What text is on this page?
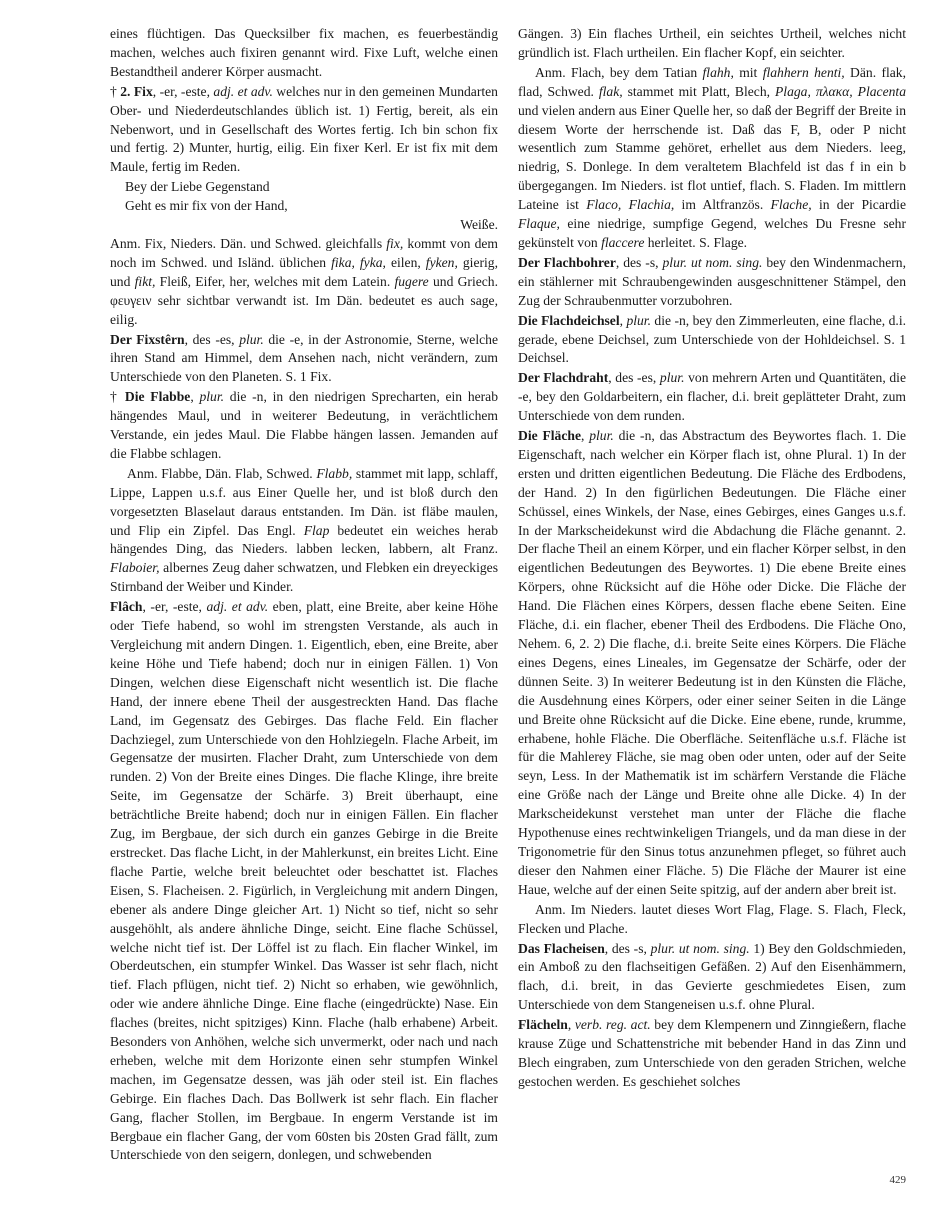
eines flüchtigen. Das Quecksilber fix machen, es feuerbeständig machen, welches auch fixiren genannt wird. Fixe Luft, welche einen Bestandtheil anderer Körper ausmacht.

† 2. Fix, -er, -este, adj. et adv. welches nur in den gemeinen Mundarten Ober- und Niederdeutschlandes üblich ist. 1) Fertig, bereit, als ein Nebenwort, und in Gesellschaft des Wortes fertig. Ich bin schon fix und fertig. 2) Munter, hurtig, eilig. Ein fixer Kerl. Er ist fix mit dem Maule, fertig im Reden.

Bey der Liebe Gegenstand

Geht es mir fix von der Hand,

Weiße.

Anm. Fix, Nieders. Dän. und Schwed. gleichfalls fix, kommt von dem noch im Schwed. und Isländ. üblichen fika, fyka, eilen, fyken, gierig, und fikt, Fleiß, Eifer, her, welches mit dem Latein. fugere und Griech. φευγειν sehr sichtbar verwandt ist. Im Dän. bedeutet es auch sage, eilig.

Der Fixstêrn, des -es, plur. die -e, in der Astronomie, Sterne, welche ihren Stand am Himmel, dem Ansehen nach, nicht verändern, zum Unterschiede von den Planeten. S. 1 Fix.

† Die Flabbe, plur. die -n, in den niedrigen Sprecharten, ein herab hängendes Maul, und in weiterer Bedeutung, in verächtlichem Verstande, ein jedes Maul. Die Flabbe hängen lassen. Jemanden auf die Flabbe schlagen.

Anm. Flabbe, Dän. Flab, Schwed. Flabb, stammet mit lapp, schlaff, Lippe, Lappen u.s.f. aus Einer Quelle her, und ist bloß durch den vorgesetzten Blaselaut daraus entstanden. Im Dän. ist fläbe maulen, und Flip ein Zipfel. Das Engl. Flap bedeutet ein weiches herab hängendes Ding, das Nieders. labben lecken, labbern, alt Franz. Flaboier, albernes Zeug daher schwatzen, und Flebken ein dreyeckiges Stirnband der Weiber und Kinder.

Flâch, -er, -este, adj. et adv. eben, platt, eine Breite, aber keine Höhe oder Tiefe habend, so wohl im strengsten Verstande, als auch in Vergleichung mit andern Dingen. 1. Eigentlich, eben, eine Breite, aber keine Höhe und Tiefe habend; doch nur in einigen Fällen. 1) Von Dingen, welchen diese Eigenschaft nicht wesentlich ist. Die flache Hand, der innere ebene Theil der ausgestreckten Hand. Das flache Land, im Gegensatz des Gebirges. Das flache Feld. Ein flacher Dachziegel, zum Unterschiede von den Hohlziegeln. Flache Arbeit, im Gegensatze der musirten. Flacher Draht, zum Unterschiede von dem runden. 2) Von der Breite eines Dinges. Die flache Klinge, ihre breite Seite, im Gegensatze der Schärfe. 3) Breit überhaupt, eine beträchtliche Breite habend; doch nur in einigen Fällen. Ein flacher Zug, im Bergbaue, der sich durch ein ganzes Gebirge in die Breite erstrecket. Das flache Licht, in der Mahlerkunst, ein breites Licht. Eine flache Partie, welche breit beleuchtet oder beschattet ist. Flaches Eisen, S. Flacheisen. 2. Figürlich, in Vergleichung mit andern Dingen, ebener als andere Dinge gleicher Art. 1) Nicht so tief, nicht so sehr ausgehöhlt, als andere ähnliche Dinge, seicht. Eine flache Schüssel, welche nicht tief ist. Der Löffel ist zu flach. Ein flacher Winkel, im Oberdeutschen, ein stumpfer Winkel. Das Wasser ist sehr flach, nicht tief. Flach pflügen, nicht tief. 2) Nicht so erhaben, wie gewöhnlich, oder wie andere ähnliche Dinge. Eine flache (eingedrückte) Nase. Ein flaches (breites, nicht spitziges) Kinn. Flache (halb erhabene) Arbeit. Besonders von Anhöhen, welche sich unvermerkt, oder nach und nach erheben, welche mit dem Horizonte einen sehr stumpfen Winkel machen, im Gegensatze dessen, was jäh oder steil ist. Ein flaches Gebirge. Ein flaches Dach. Das Bollwerk ist sehr flach. Ein flacher Gang, flacher Stollen, im Bergbaue. In engerm Verstande ist im Bergbaue ein flacher Gang, der vom 60sten bis 20sten Grad fällt, zum Unterschiede von den seigern, donlegen, und schwebenden

Gängen. 3) Ein flaches Urtheil, ein seichtes Urtheil, welches nicht gründlich ist. Flach urtheilen. Ein flacher Kopf, ein seichter.

Anm. Flach, bey dem Tatian flahh, mit flahhern henti, Dän. flak, flad, Schwed. flak, stammet mit Platt, Blech, Plaga, πλακα, Placenta und vielen andern aus Einer Quelle her, so daß der Begriff der Breite in diesem Worte der herrschende ist. Daß das F, B, oder P nicht wesentlich zum Stamme gehöret, erhellet aus dem Nieders. leeg, niedrig, S. Donlege. In dem veraltetem Blachfeld ist das f in ein b übergegangen. Im Nieders. ist flot untief, flach. S. Fladen. Im mittlern Lateine ist Flaco, Flachia, im Altfranzös. Flache, in der Picardie Flaque, eine niedrige, sumpfige Gegend, welches Du Fresne sehr gekünstelt von flaccere herleitet. S. Flage.

Der Flachbohrer, des -s, plur. ut nom. sing. bey den Windenmachern, ein stählerner mit Schraubengewinden ausgeschnittener Stämpel, den Zug der Schraubenmutter vorzubohren.

Die Flachdeichsel, plur. die -n, bey den Zimmerleuten, eine flache, d.i. gerade, ebene Deichsel, zum Unterschiede von der Hohldeichsel. S. 1 Deichsel.

Der Flachdraht, des -es, plur. von mehrern Arten und Quantitäten, die -e, bey den Goldarbeitern, ein flacher, d.i. breit geplätteter Draht, zum Unterschiede von dem runden.

Die Fläche, plur. die -n, das Abstractum des Beywortes flach. 1. Die Eigenschaft, nach welcher ein Körper flach ist, ohne Plural. 1) In der ersten und dritten eigentlichen Bedeutung. Die Fläche des Erdbodens, der Hand. 2) In den figürlichen Bedeutungen. Die Fläche einer Schüssel, eines Winkels, der Nase, eines Gebirges, eines Ganges u.s.f. In der Markscheidekunst wird die Abdachung die Fläche genannt. 2. Der flache Theil an einem Körper, und ein flacher Körper selbst, in den eigentlichen Bedeutungen des Beywortes. 1) Die ebene Breite eines Körpers, ohne Rücksicht auf die Höhe oder Dicke. Die Fläche der Hand. Die Flächen eines Körpers, dessen flache ebene Seiten. Eine Fläche, d.i. ein flacher, ebener Theil des Erdbodens. Die Fläche Ono, Nehem. 6, 2. 2) Die flache, d.i. breite Seite eines Körpers. Die Fläche eines Degens, eines Lineales, im Gegensatze der Schärfe, oder der dünnen Seite. 3) In weiterer Bedeutung ist in den Künsten die Fläche, die Ausdehnung eines Körpers, oder einer seiner Seiten in die Länge und Breite ohne Rücksicht auf die Dicke. Eine ebene, runde, krumme, erhabene, hohle Fläche. Die Oberfläche. Seitenfläche u.s.f. Fläche ist für die Mahlerey Fläche, sie mag oben oder unten, oder auf der Seite seyn, Less. In der Mathematik ist im schärfern Verstande die Fläche eine Größe nach der Länge und Breite ohne alle Dicke. 4) In der Markscheidekunst verstehet man unter der Fläche die flache Hypothenuse eines rechtwinkeligen Triangels, und da man diese in der Trigonometrie für den Sinus totus anzunehmen pfleget, so führet auch dieser den Nahmen einer Fläche. 5) Die Fläche der Maurer ist eine Haue, welche auf der einen Seite spitzig, auf der andern aber breit ist.

Anm. Im Nieders. lautet dieses Wort Flag, Flage. S. Flach, Fleck, Flecken und Plache.

Das Flacheisen, des -s, plur. ut nom. sing. 1) Bey den Goldschmieden, ein Amboß zu den flachseitigen Gefäßen. 2) Auf den Eisenhämmern, flach, d.i. breit, in das Gevierte geschmiedetes Eisen, zum Unterschiede von dem Stangeneisen u.s.f. ohne Plural.

Flächeln, verb. reg. act. bey dem Klempenern und Zinngießern, flache krause Züge und Schattenstriche mit bebender Hand in das Zinn und Blech eingraben, zum Unterschiede von den geraden Strichen, welche gestochen werden. Es geschiehet solches

429
